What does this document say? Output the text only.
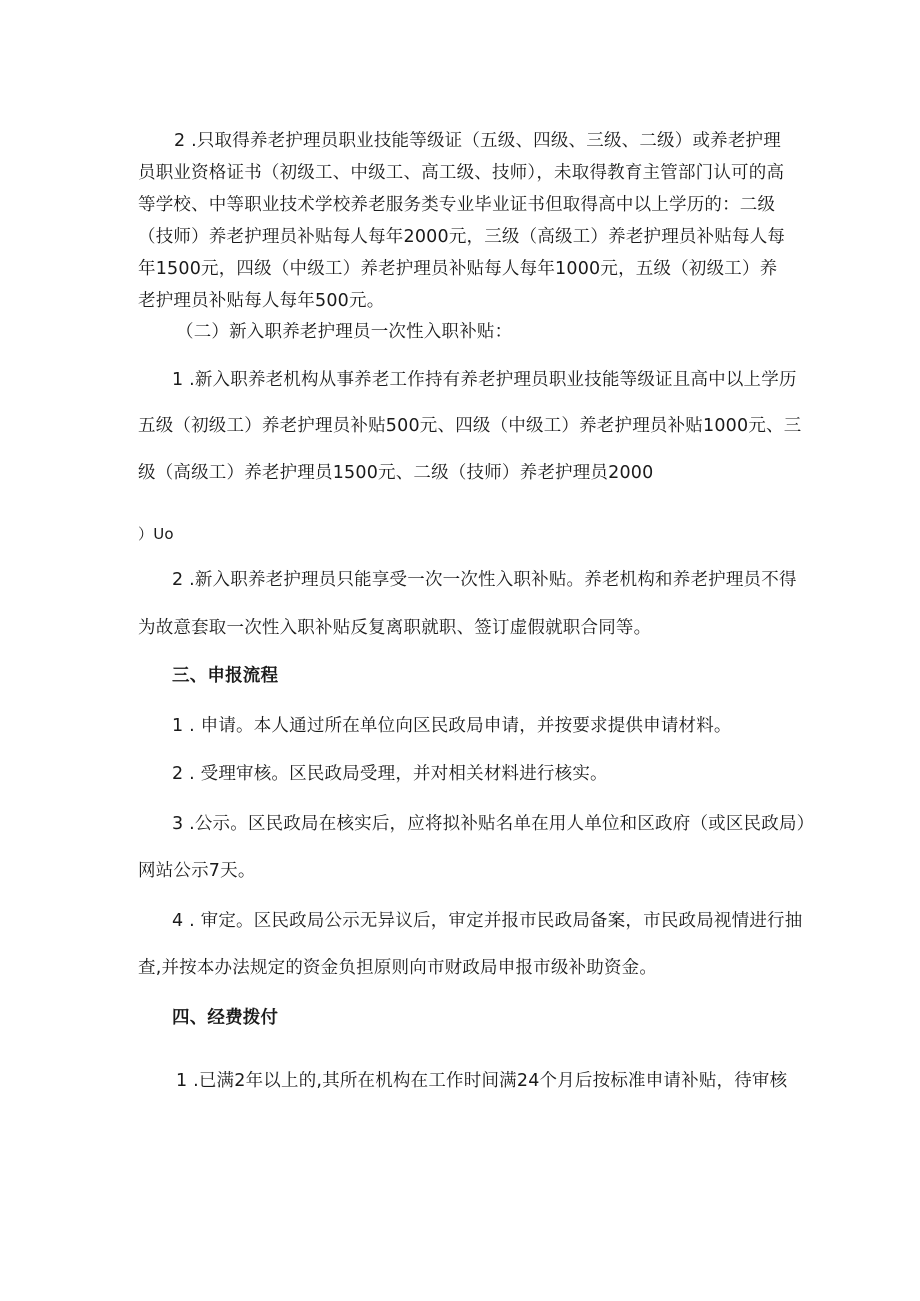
2 .只取得养老护理员职业技能等级证（五级、四级、三级、二级）或养老护理员职业资格证书（初级工、中级工、高工级、技师），未取得教育主管部门认可的高等学校、中等职业技术学校养老服务类专业毕业证书但取得高中以上学历的：二级（技师）养老护理员补贴每人每年2000元，三级（高级工）养老护理员补贴每人每年1500元，四级（中级工）养老护理员补贴每人每年1000元，五级（初级工）养老护理员补贴每人每年500元。
（二）新入职养老护理员一次性入职补贴：
1 .新入职养老机构从事养老工作持有养老护理员职业技能等级证且高中以上学历
五级（初级工）养老护理员补贴500元、四级（中级工）养老护理员补贴1000元、三
级（高级工）养老护理员1500元、二级（技师）养老护理员2000
）Uo
2 .新入职养老护理员只能享受一次一次性入职补贴。养老机构和养老护理员不得
为故意套取一次性入职补贴反复离职就职、签订虚假就职合同等。
三、申报流程
1 . 申请。本人通过所在单位向区民政局申请，并按要求提供申请材料。
2 . 受理审核。区民政局受理，并对相关材料进行核实。
3 .公示。区民政局在核实后，应将拟补贴名单在用人单位和区政府（或区民政局）
网站公示7天。
4 . 审定。区民政局公示无异议后，审定并报市民政局备案，市民政局视情进行抽
查,并按本办法规定的资金负担原则向市财政局申报市级补助资金。
四、经费拨付
1 .已满2年以上的,其所在机构在工作时间满24个月后按标准申请补贴，待审核
